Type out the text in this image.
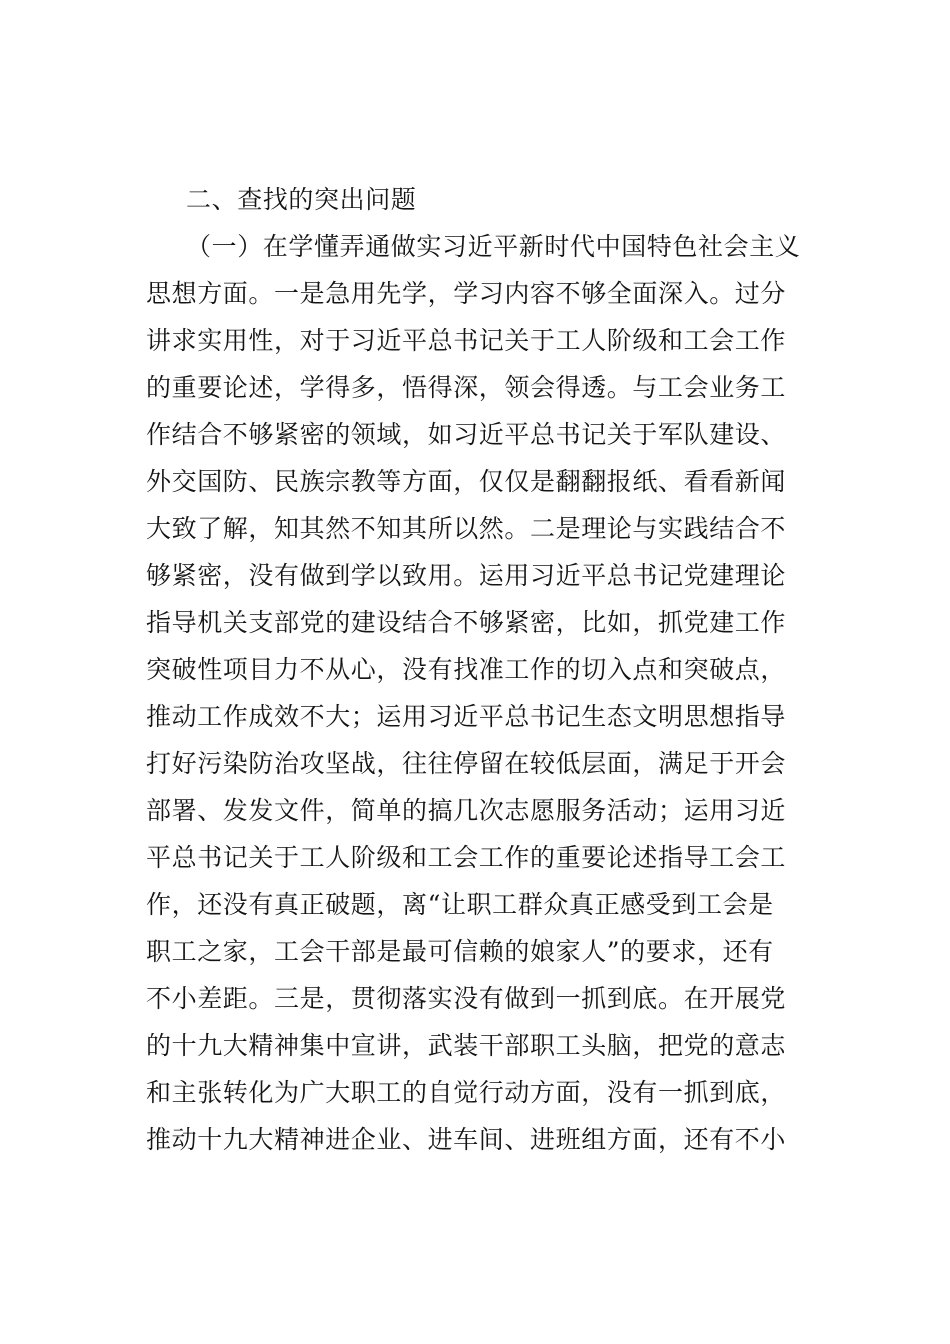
二、查找的突出问题
（一）在学懂弄通做实习近平新时代中国特色社会主义
思想方面。一是急用先学，学习内容不够全面深入。过分
讲求实用性，对于习近平总书记关于工人阶级和工会工作
的重要论述，学得多，悟得深，领会得透。与工会业务工
作结合不够紧密的领域，如习近平总书记关于军队建设、
外交国防、民族宗教等方面，仅仅是翻翻报纸、看看新闻
大致了解，知其然不知其所以然。二是理论与实践结合不
够紧密，没有做到学以致用。运用习近平总书记党建理论
指导机关支部党的建设结合不够紧密，比如，抓党建工作
突破性项目力不从心，没有找准工作的切入点和突破点，
推动工作成效不大；运用习近平总书记生态文明思想指导
打好污染防治攻坚战，往往停留在较低层面，满足于开会
部署、发发文件，简单的搞几次志愿服务活动；运用习近
平总书记关于工人阶级和工会工作的重要论述指导工会工
作，还没有真正破题，离“让职工群众真正感受到工会是
职工之家，工会干部是最可信赖的娘家人”的要求，还有
不小差距。三是，贯彻落实没有做到一抓到底。在开展党
的十九大精神集中宣讲，武装干部职工头脑，把党的意志
和主张转化为广大职工的自觉行动方面，没有一抓到底，
推动十九大精神进企业、进车间、进班组方面，还有不小
